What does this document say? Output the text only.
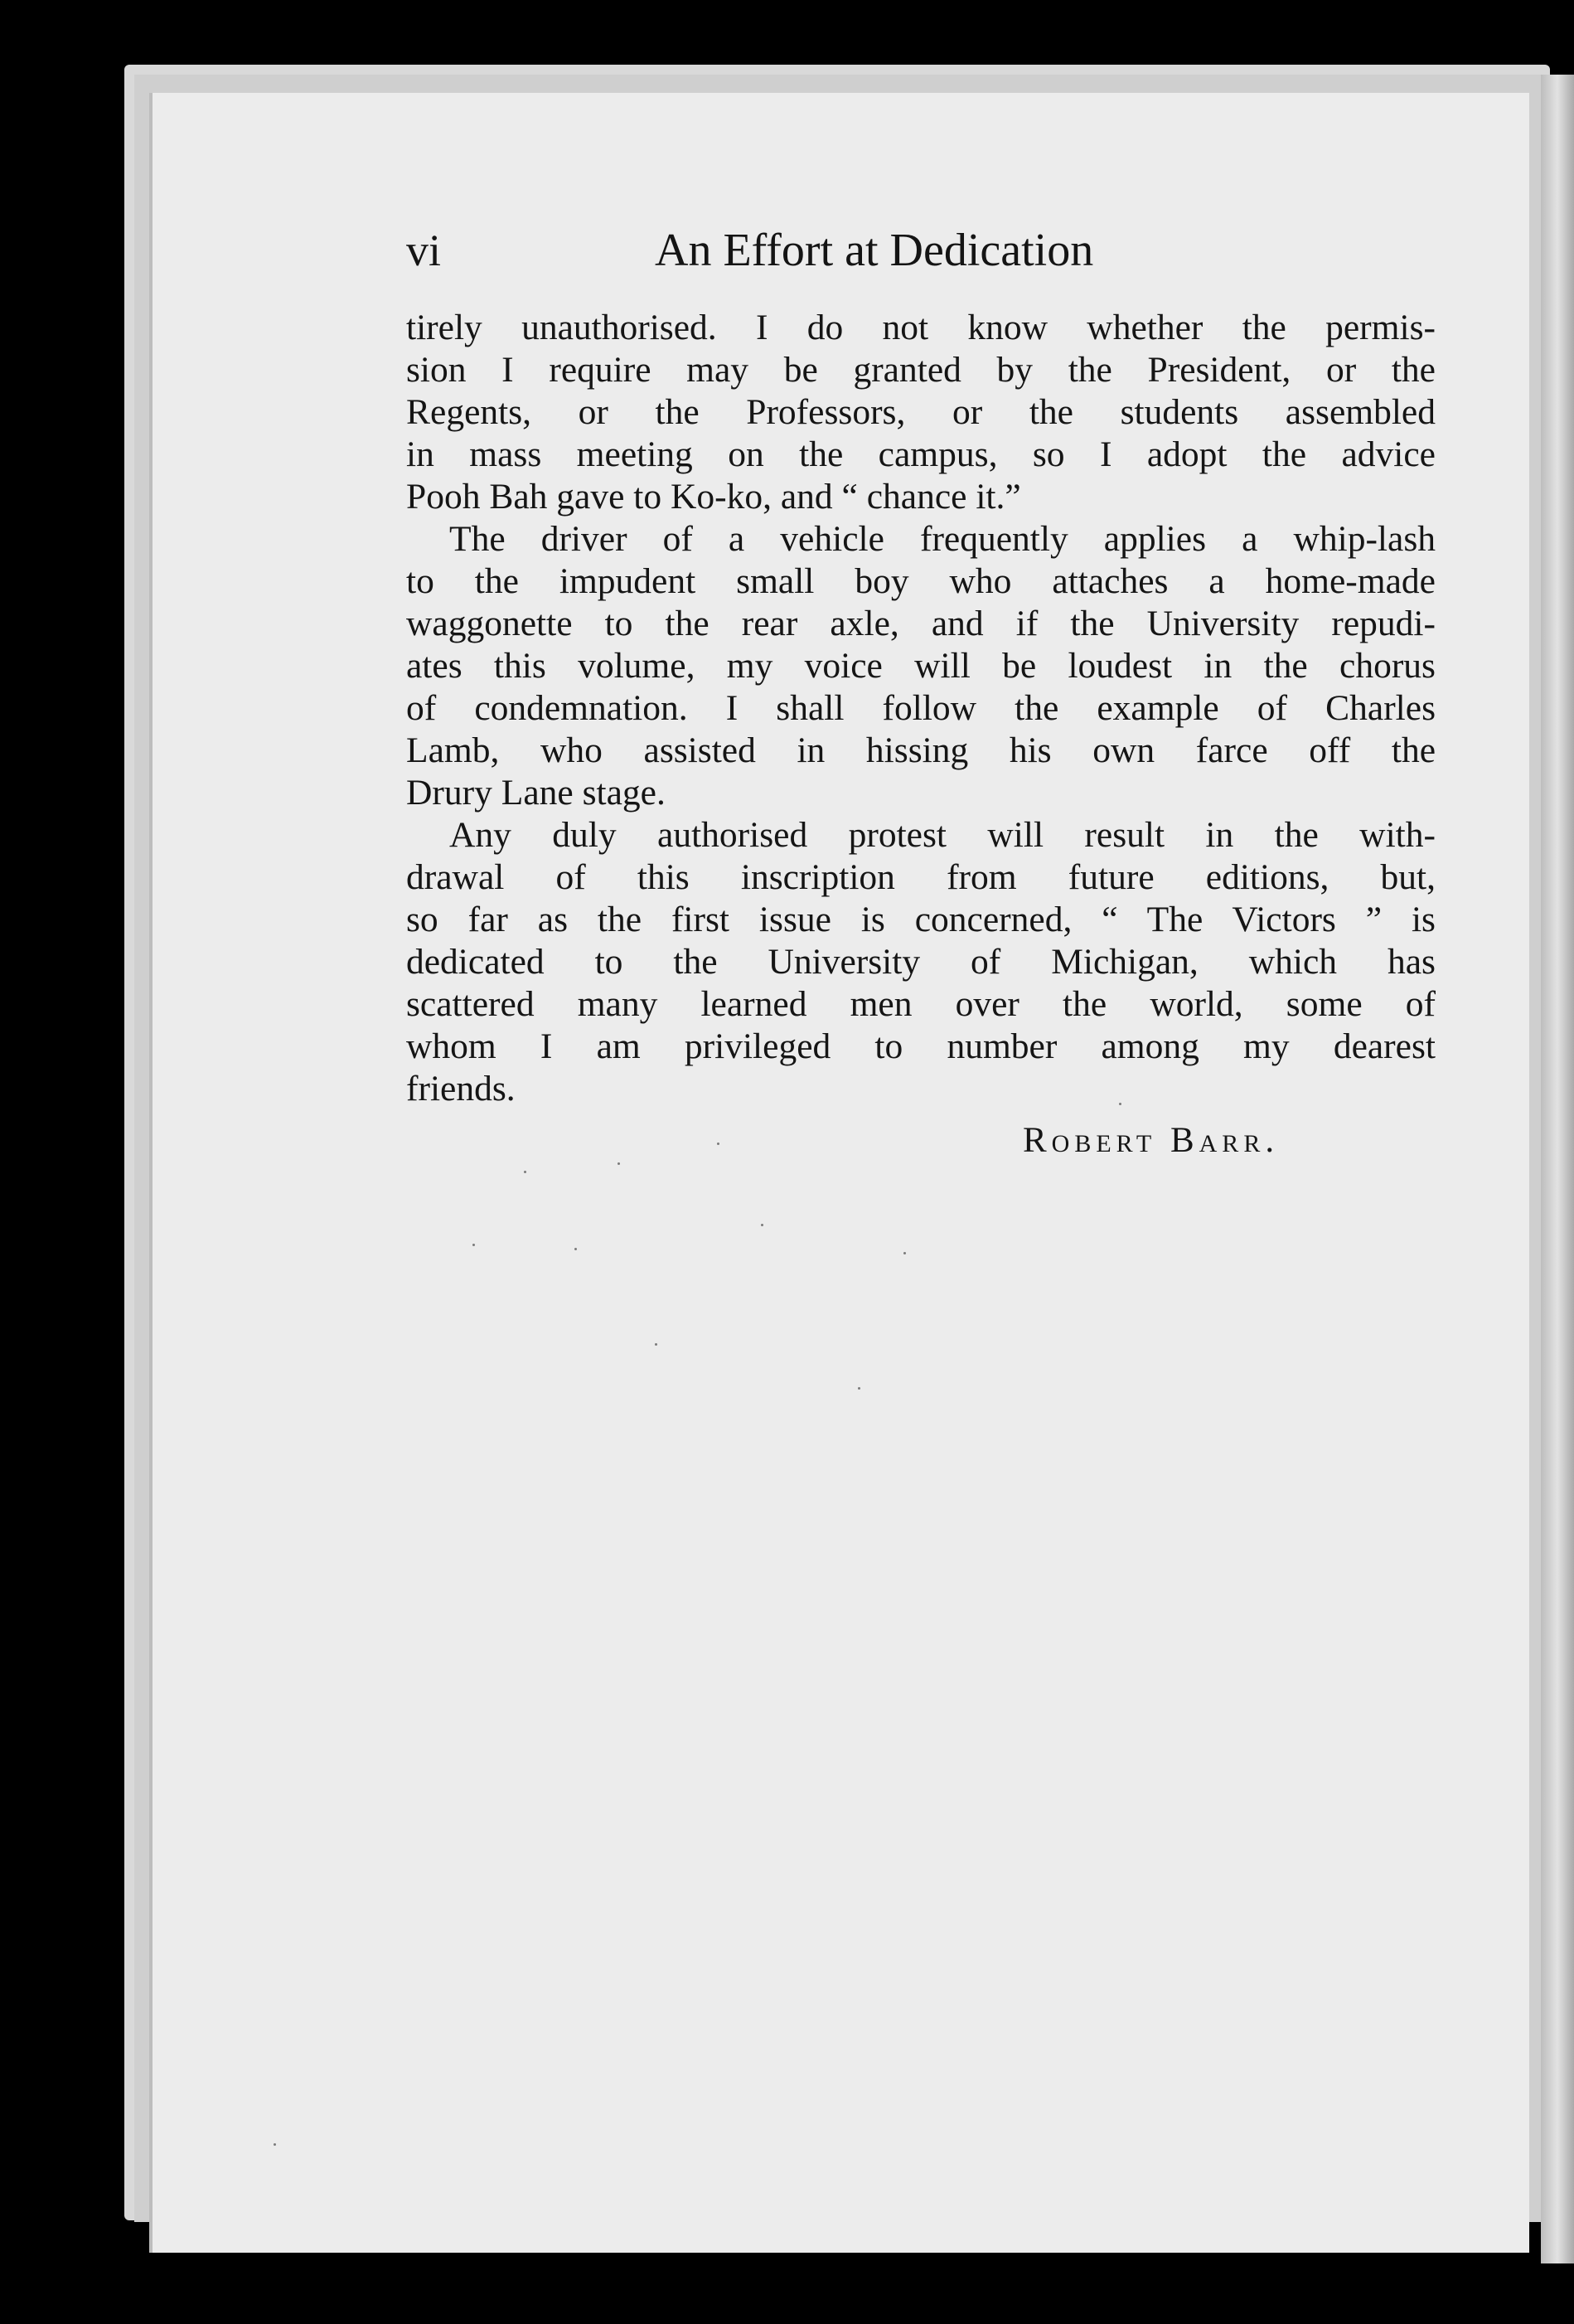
vi	An Effort at Dedication
tirely unauthorised. I do not know whether the permis-
sion I require may be granted by the President, or the
Regents, or the Professors, or the students assembled
in mass meeting on the campus, so I adopt the advice
Pooh Bah gave to Ko-ko, and “ chance it.”
The driver of a vehicle frequently applies a whip-lash
to the impudent small boy who attaches a home-made
waggonette to the rear axle, and if the University repudi-
ates this volume, my voice will be loudest in the chorus
of condemnation. I shall follow the example of Charles
Lamb, who assisted in hissing his own farce off the
Drury Lane stage.
Any duly authorised protest will result in the with-
drawal of this inscription from future editions, but,
so far as the first issue is concerned, “ The Victors ” is
dedicated to the University of Michigan, which has
scattered many learned men over the world, some of
whom I am privileged to number among my dearest
friends.
Robert Barr.
